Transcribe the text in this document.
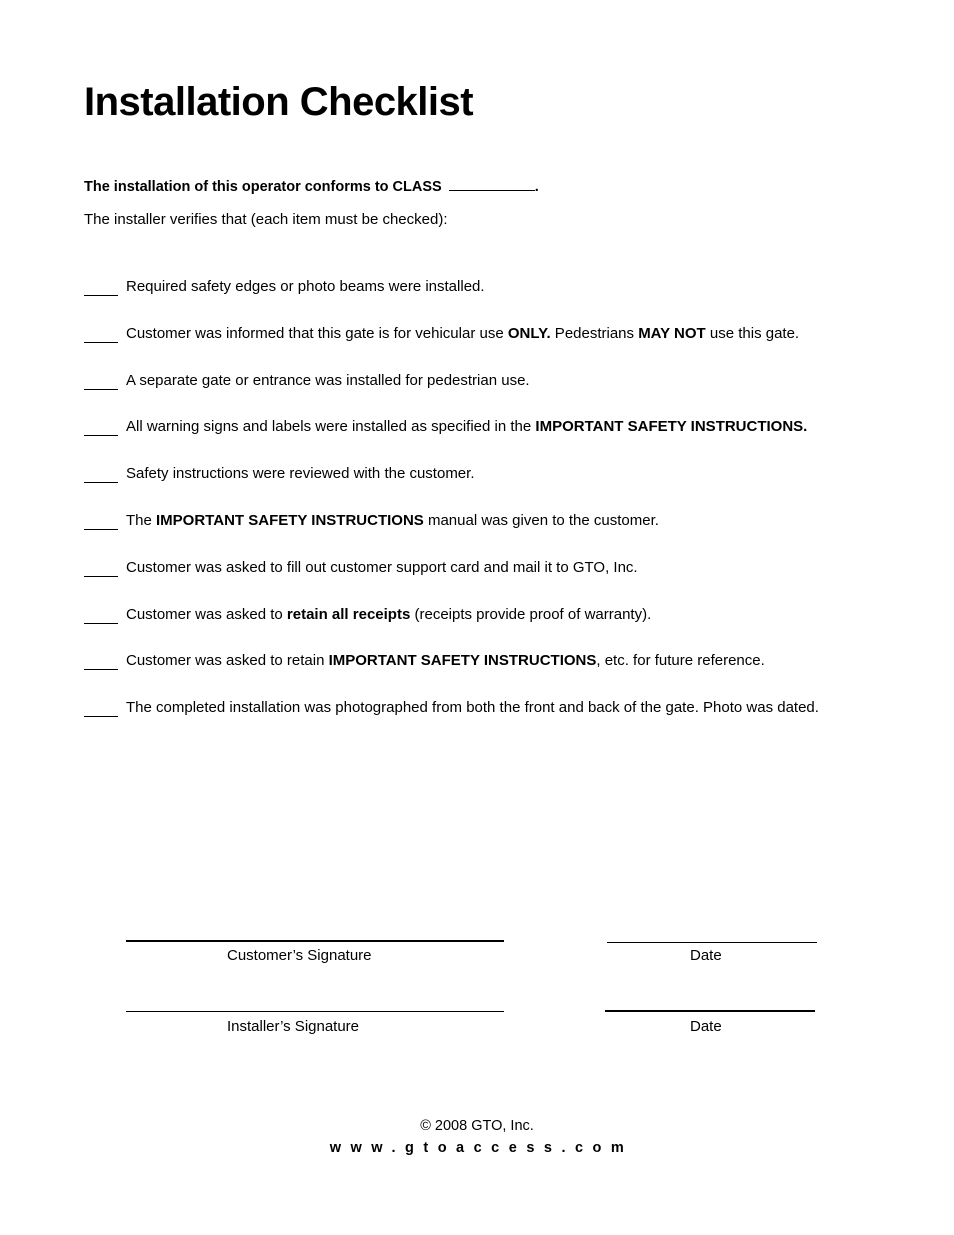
Installation Checklist
The installation of this operator conforms to CLASS	.
The installer verifies that (each item must be checked):
Required safety edges or photo beams were installed.
Customer was informed that this gate is for vehicular use ONLY. Pedestrians MAY NOT use this gate.
A separate gate or entrance was installed for pedestrian use.
All warning signs and labels were installed as specified in the IMPORTANT SAFETY INSTRUCTIONS.
Safety instructions were reviewed with the customer.
The IMPORTANT SAFETY INSTRUCTIONS manual was given to the customer.
Customer was asked to fill out customer support card and mail it to GTO, Inc.
Customer was asked to retain all receipts (receipts provide proof of warranty).
Customer was asked to retain IMPORTANT SAFETY INSTRUCTIONS, etc. for future reference.
The completed installation was photographed from both the front and back of the gate. Photo was dated.
Customer’s Signature	Date
Installer’s Signature	Date
© 2008 GTO, Inc.
www.gtoaccess.com
